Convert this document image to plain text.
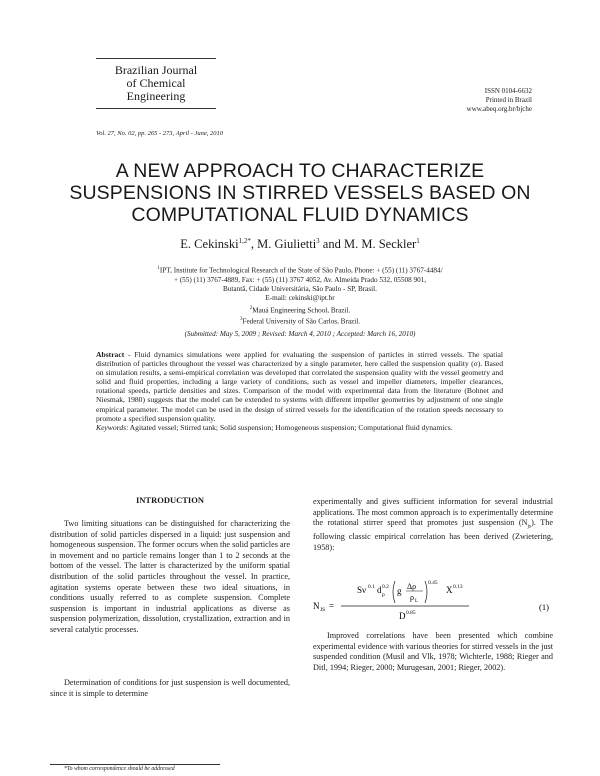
Brazilian Journal
of Chemical
Engineering	ISSN 0104-6632
Printed in Brazil
www.abeq.org.br/bjche
Vol. 27, No. 02, pp. 265 - 273, April - June, 2010
A NEW APPROACH TO CHARACTERIZE
SUSPENSIONS IN STIRRED VESSELS BASED ON
COMPUTATIONAL FLUID DYNAMICS
E. Cekinski$^{1,2*}$, M. Giulietti$^3$ and M. M. Seckler$^1$
$^1$IPT, Institute for Technological Research of the State of São Paulo, Phone: + (55) (11) 3767-4484/
+ (55) (11) 3767-4889, Fax: + (55) (11) 3767 4052, Av. Almeida Prado 532, 05508 901,
Butantã, Cidade Universitária, São Paulo - SP, Brasil.
E-mail: cekinski@ipt.br
$^2$Mauá Engineering School, Brazil.
$^3$Federal University of São Carlos, Brazil.
(Submitted: May 5, 2009 ; Revised: March 4, 2010 ; Accepted: March 16, 2010)
Abstract - Fluid dynamics simulations were applied for evaluating the suspension of particles in stirred vessels. The spatial distribution of particles throughout the vessel was characterized by a single parameter, here called the suspension quality (σ). Based on simulation results, a semi-empirical correlation was developed that correlated the suspension quality with the vessel geometry and solid and fluid properties, including a large variety of conditions, such as vessel and impeller diameters, impeller clearances, rotational speeds, particle densities and sizes. Comparison of the model with experimental data from the literature (Bohnet and Niesmak, 1980) suggests that the model can be extended to systems with different impeller geometries by adjustment of one single empirical parameter. The model can be used in the design of stirred vessels for the identification of the rotation speeds necessary to promote a specified suspension quality.
Keywords: Agitated vessel; Stirred tank; Solid suspension; Homogeneous suspension; Computational fluid dynamics.
INTRODUCTION
Two limiting situations can be distinguished for characterizing the distribution of solid particles dispersed in a liquid: just suspension and homogeneous suspension. The former occurs when the solid particles are in movement and no particle remains longer than 1 to 2 seconds at the bottom of the vessel. The latter is characterized by the uniform spatial distribution of the solid particles throughout the vessel. In practice, agitation systems operate between these two ideal situations, in conditions usually referred to as complete suspension. Complete suspension is important in industrial applications as diverse as suspension polymerization, dissolution, crystallization, extraction and in several catalytic processes.
Determination of conditions for just suspension is well documented, since it is simple to determine
experimentally and gives sufficient information for several industrial applications. The most common approach is to experimentally determine the rotational stirrer speed that promotes just suspension $(N_{js})$. The following classic empirical correlation has been derived (Zwietering, 1958):
N JS =
Sν 0.1 d p
0.2 g Δρ
ρ L
0.45
X 0.13
D 0.85
(1)
Improved correlations have been presented which combine experimental evidence with various theories for stirred vessels in the just suspended condition (Musil and Vlk, 1978; Wichterle, 1988; Rieger and Ditl, 1994; Rieger, 2000; Murugesan, 2001; Rieger, 2002).
*To whom correspondence should be addressed
